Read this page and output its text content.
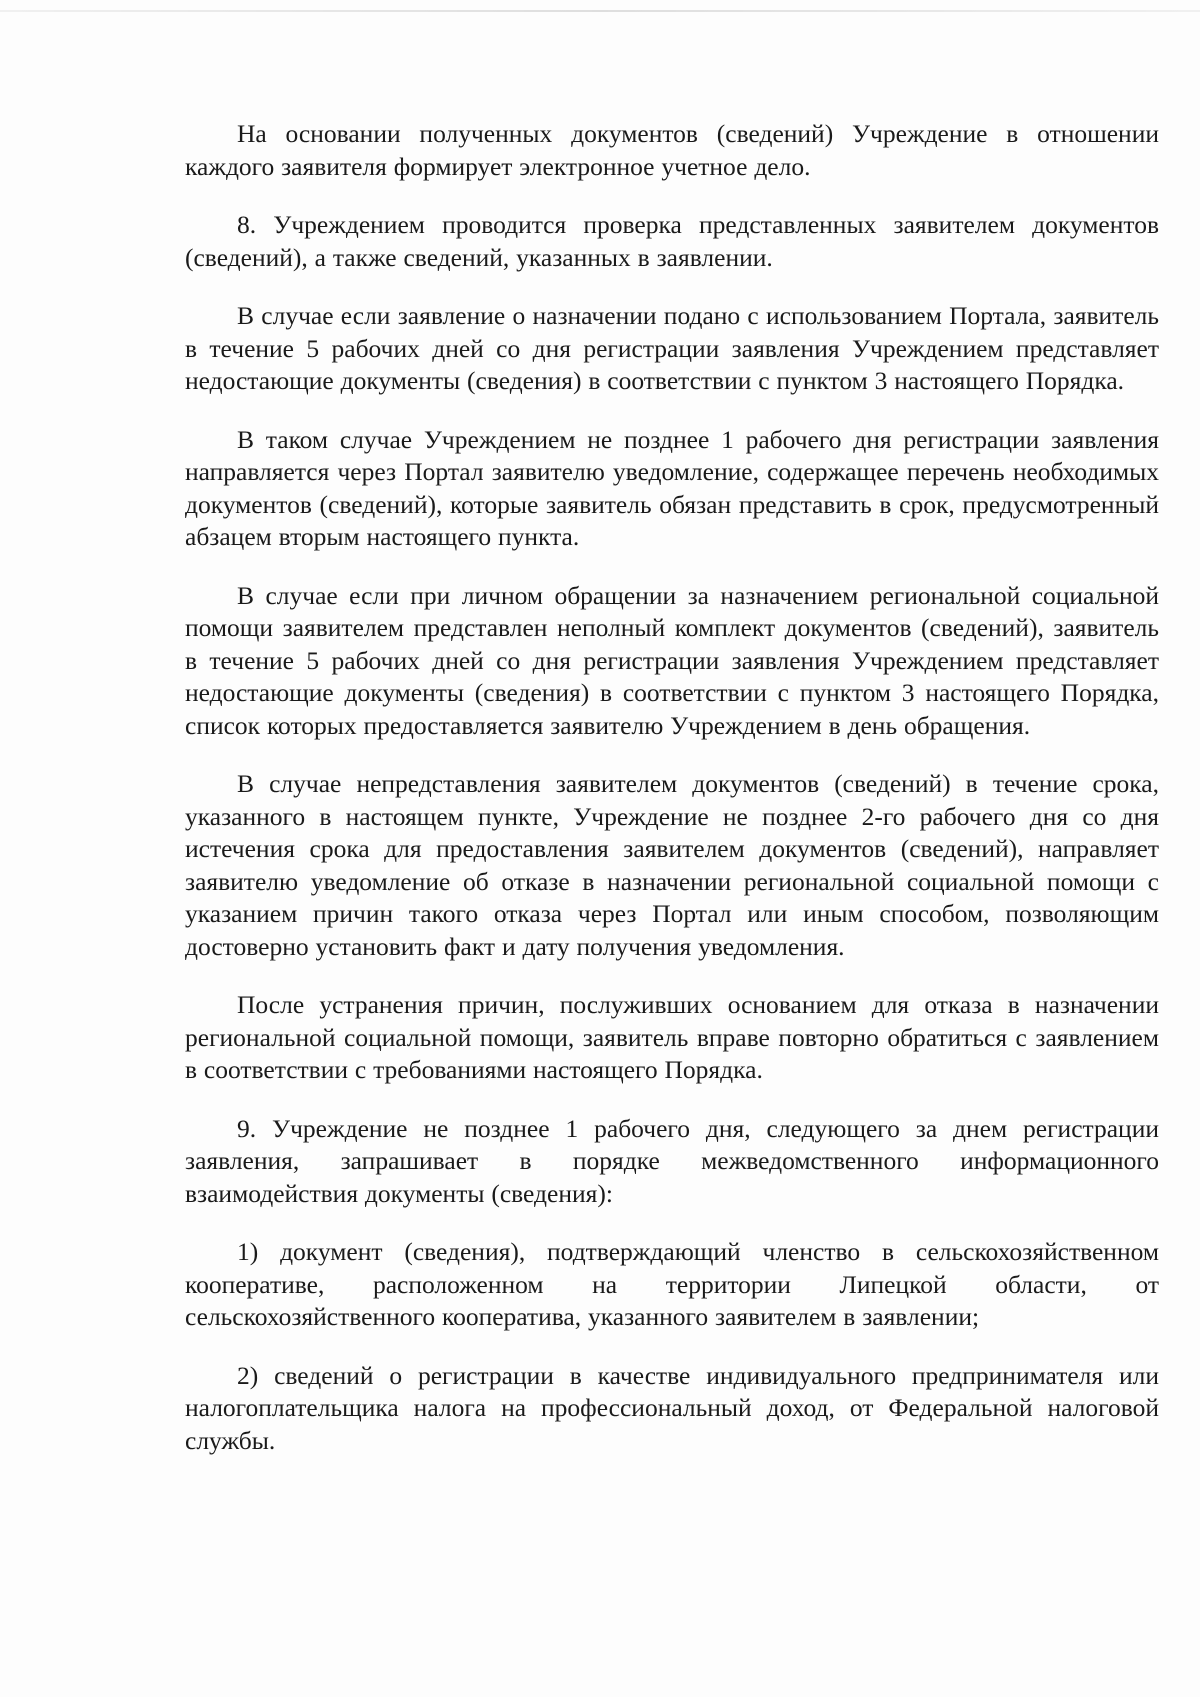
На основании полученных документов (сведений) Учреждение в отношении каждого заявителя формирует электронное учетное дело.

8. Учреждением проводится проверка представленных заявителем документов (сведений), а также сведений, указанных в заявлении.

В случае если заявление о назначении подано с использованием Портала, заявитель в течение 5 рабочих дней со дня регистрации заявления Учреждением представляет недостающие документы (сведения) в соответствии с пунктом 3 настоящего Порядка.

В таком случае Учреждением не позднее 1 рабочего дня регистрации заявления направляется через Портал заявителю уведомление, содержащее перечень необходимых документов (сведений), которые заявитель обязан представить в срок, предусмотренный абзацем вторым настоящего пункта.

В случае если при личном обращении за назначением региональной социальной помощи заявителем представлен неполный комплект документов (сведений), заявитель в течение 5 рабочих дней со дня регистрации заявления Учреждением представляет недостающие документы (сведения) в соответствии с пунктом 3 настоящего Порядка, список которых предоставляется заявителю Учреждением в день обращения.

В случае непредставления заявителем документов (сведений) в течение срока, указанного в настоящем пункте, Учреждение не позднее 2-го рабочего дня со дня истечения срока для предоставления заявителем документов (сведений), направляет заявителю уведомление об отказе в назначении региональной социальной помощи с указанием причин такого отказа через Портал или иным способом, позволяющим достоверно установить факт и дату получения уведомления.

После устранения причин, послуживших основанием для отказа в назначении региональной социальной помощи, заявитель вправе повторно обратиться с заявлением в соответствии с требованиями настоящего Порядка.

9. Учреждение не позднее 1 рабочего дня, следующего за днем регистрации заявления, запрашивает в порядке межведомственного информационного взаимодействия документы (сведения):

1) документ (сведения), подтверждающий членство в сельскохозяйственном кооперативе, расположенном на территории Липецкой области, от сельскохозяйственного кооператива, указанного заявителем в заявлении;

2) сведений о регистрации в качестве индивидуального предпринимателя или налогоплательщика налога на профессиональный доход, от Федеральной налоговой службы.
